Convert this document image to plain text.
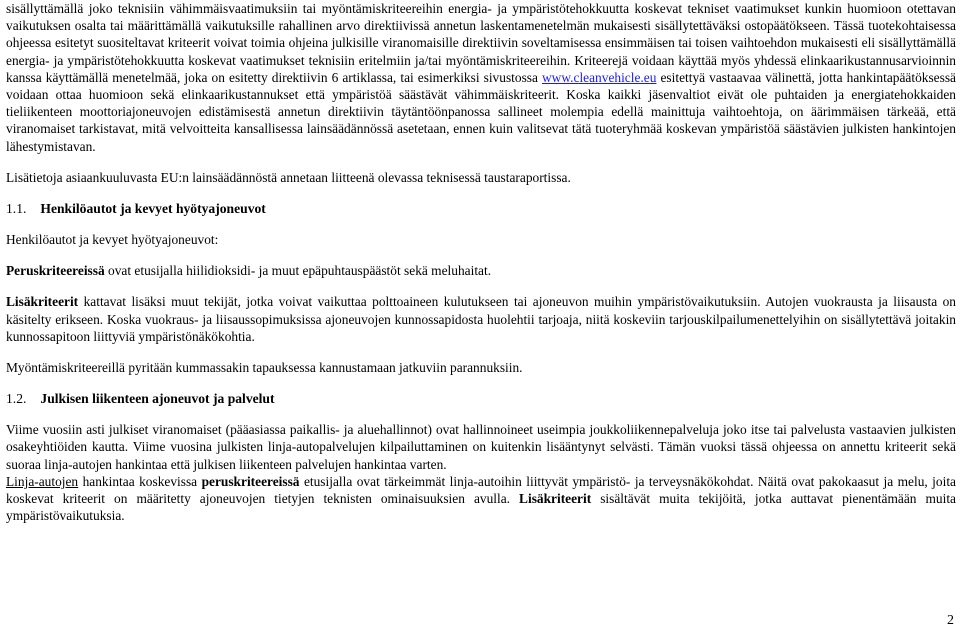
sisällyttämällä joko teknisiin vähimmäisvaatimuksiin tai myöntämiskriteereihin energia- ja ympäristötehokkuutta koskevat tekniset vaatimukset kunkin huomioon otettavan vaikutuksen osalta tai määrittämällä vaikutuksille rahallinen arvo direktiivissä annetun laskentamenetelmän mukaisesti sisällytettäväksi ostopäätökseen. Tässä tuotekohtaisessa ohjeessa esitetyt suositeltavat kriteerit voivat toimia ohjeina julkisille viranomaisille direktiivin soveltamisessa ensimmäisen tai toisen vaihtoehdon mukaisesti eli sisällyttämällä energia- ja ympäristötehokkuutta koskevat vaatimukset teknisiin eritelmiin ja/tai myöntämiskriteereihin. Kriteerejä voidaan käyttää myös yhdessä elinkaarikustannusarvioinnin kanssa käyttämällä menetelmää, joka on esitetty direktiivin 6 artiklassa, tai esimerkiksi sivustossa www.cleanvehicle.eu esitettyä vastaavaa välinettä, jotta hankintapäätöksessä voidaan ottaa huomioon sekä elinkaarikustannukset että ympäristöä säästävät vähimmäiskriteerit. Koska kaikki jäsenvaltiot eivät ole puhtaiden ja energiatehokkaiden tieliikenteen moottoriajoneuvojen edistämisestä annetun direktiivin täytäntöönpanossa sallineet molempia edellä mainittuja vaihtoehtoja, on äärimmäisen tärkeää, että viranomaiset tarkistavat, mitä velvoitteita kansallisessa lainsäädännössä asetetaan, ennen kuin valitsevat tätä tuoteryhmää koskevan ympäristöä säästävien julkisten hankintojen lähestymistavan.

Lisätietoja asiaankuuluvasta EU:n lainsäädännöstä annetaan liitteenä olevassa teknisessä taustaraportissa.

1.1. Henkilöautot ja kevyet hyötyajoneuvot

Henkilöautot ja kevyet hyötyajoneuvot:

Peruskriteereissä ovat etusijalla hiilidioksidi- ja muut epäpuhtauspäästöt sekä meluhaitat.

Lisäkriteerit kattavat lisäksi muut tekijät, jotka voivat vaikuttaa polttoaineen kulutukseen tai ajoneuvon muihin ympäristövaikutuksiin. Autojen vuokrausta ja liisausta on käsitelty erikseen. Koska vuokraus- ja liisaussopimuksissa ajoneuvojen kunnossapidosta huolehtii tarjoaja, niitä koskeviin tarjouskilpailumenettelyihin on sisällytettävä joitakin kunnossapitoon liittyviä ympäristönäkökohtia.

Myöntämiskriteereillä pyritään kummassakin tapauksessa kannustamaan jatkuviin parannuksiin.

1.2. Julkisen liikenteen ajoneuvot ja palvelut

Viime vuosiin asti julkiset viranomaiset (pääasiassa paikallis- ja aluehallinnot) ovat hallinnoineet useimpia joukkoliikennepalveluja joko itse tai palvelusta vastaavien julkisten osakeyhtiöiden kautta. Viime vuosina julkisten linja-autopalvelujen kilpailuttaminen on kuitenkin lisääntynyt selvästi. Tämän vuoksi tässä ohjeessa on annettu kriteerit sekä suoraa linja-autojen hankintaa että julkisen liikenteen palvelujen hankintaa varten.

Linja-autojen hankintaa koskevissa peruskriteereissä etusijalla ovat tärkeimmät linja-autoihin liittyvät ympäristö- ja terveysnäkökohdat. Näitä ovat pakokaasut ja melu, joita koskevat kriteerit on määritetty ajoneuvojen tietyjen teknisten ominaisuuksien avulla. Lisäkriteerit sisältävät muita tekijöitä, jotka auttavat pienentämään muita ympäristövaikutuksia.

2
